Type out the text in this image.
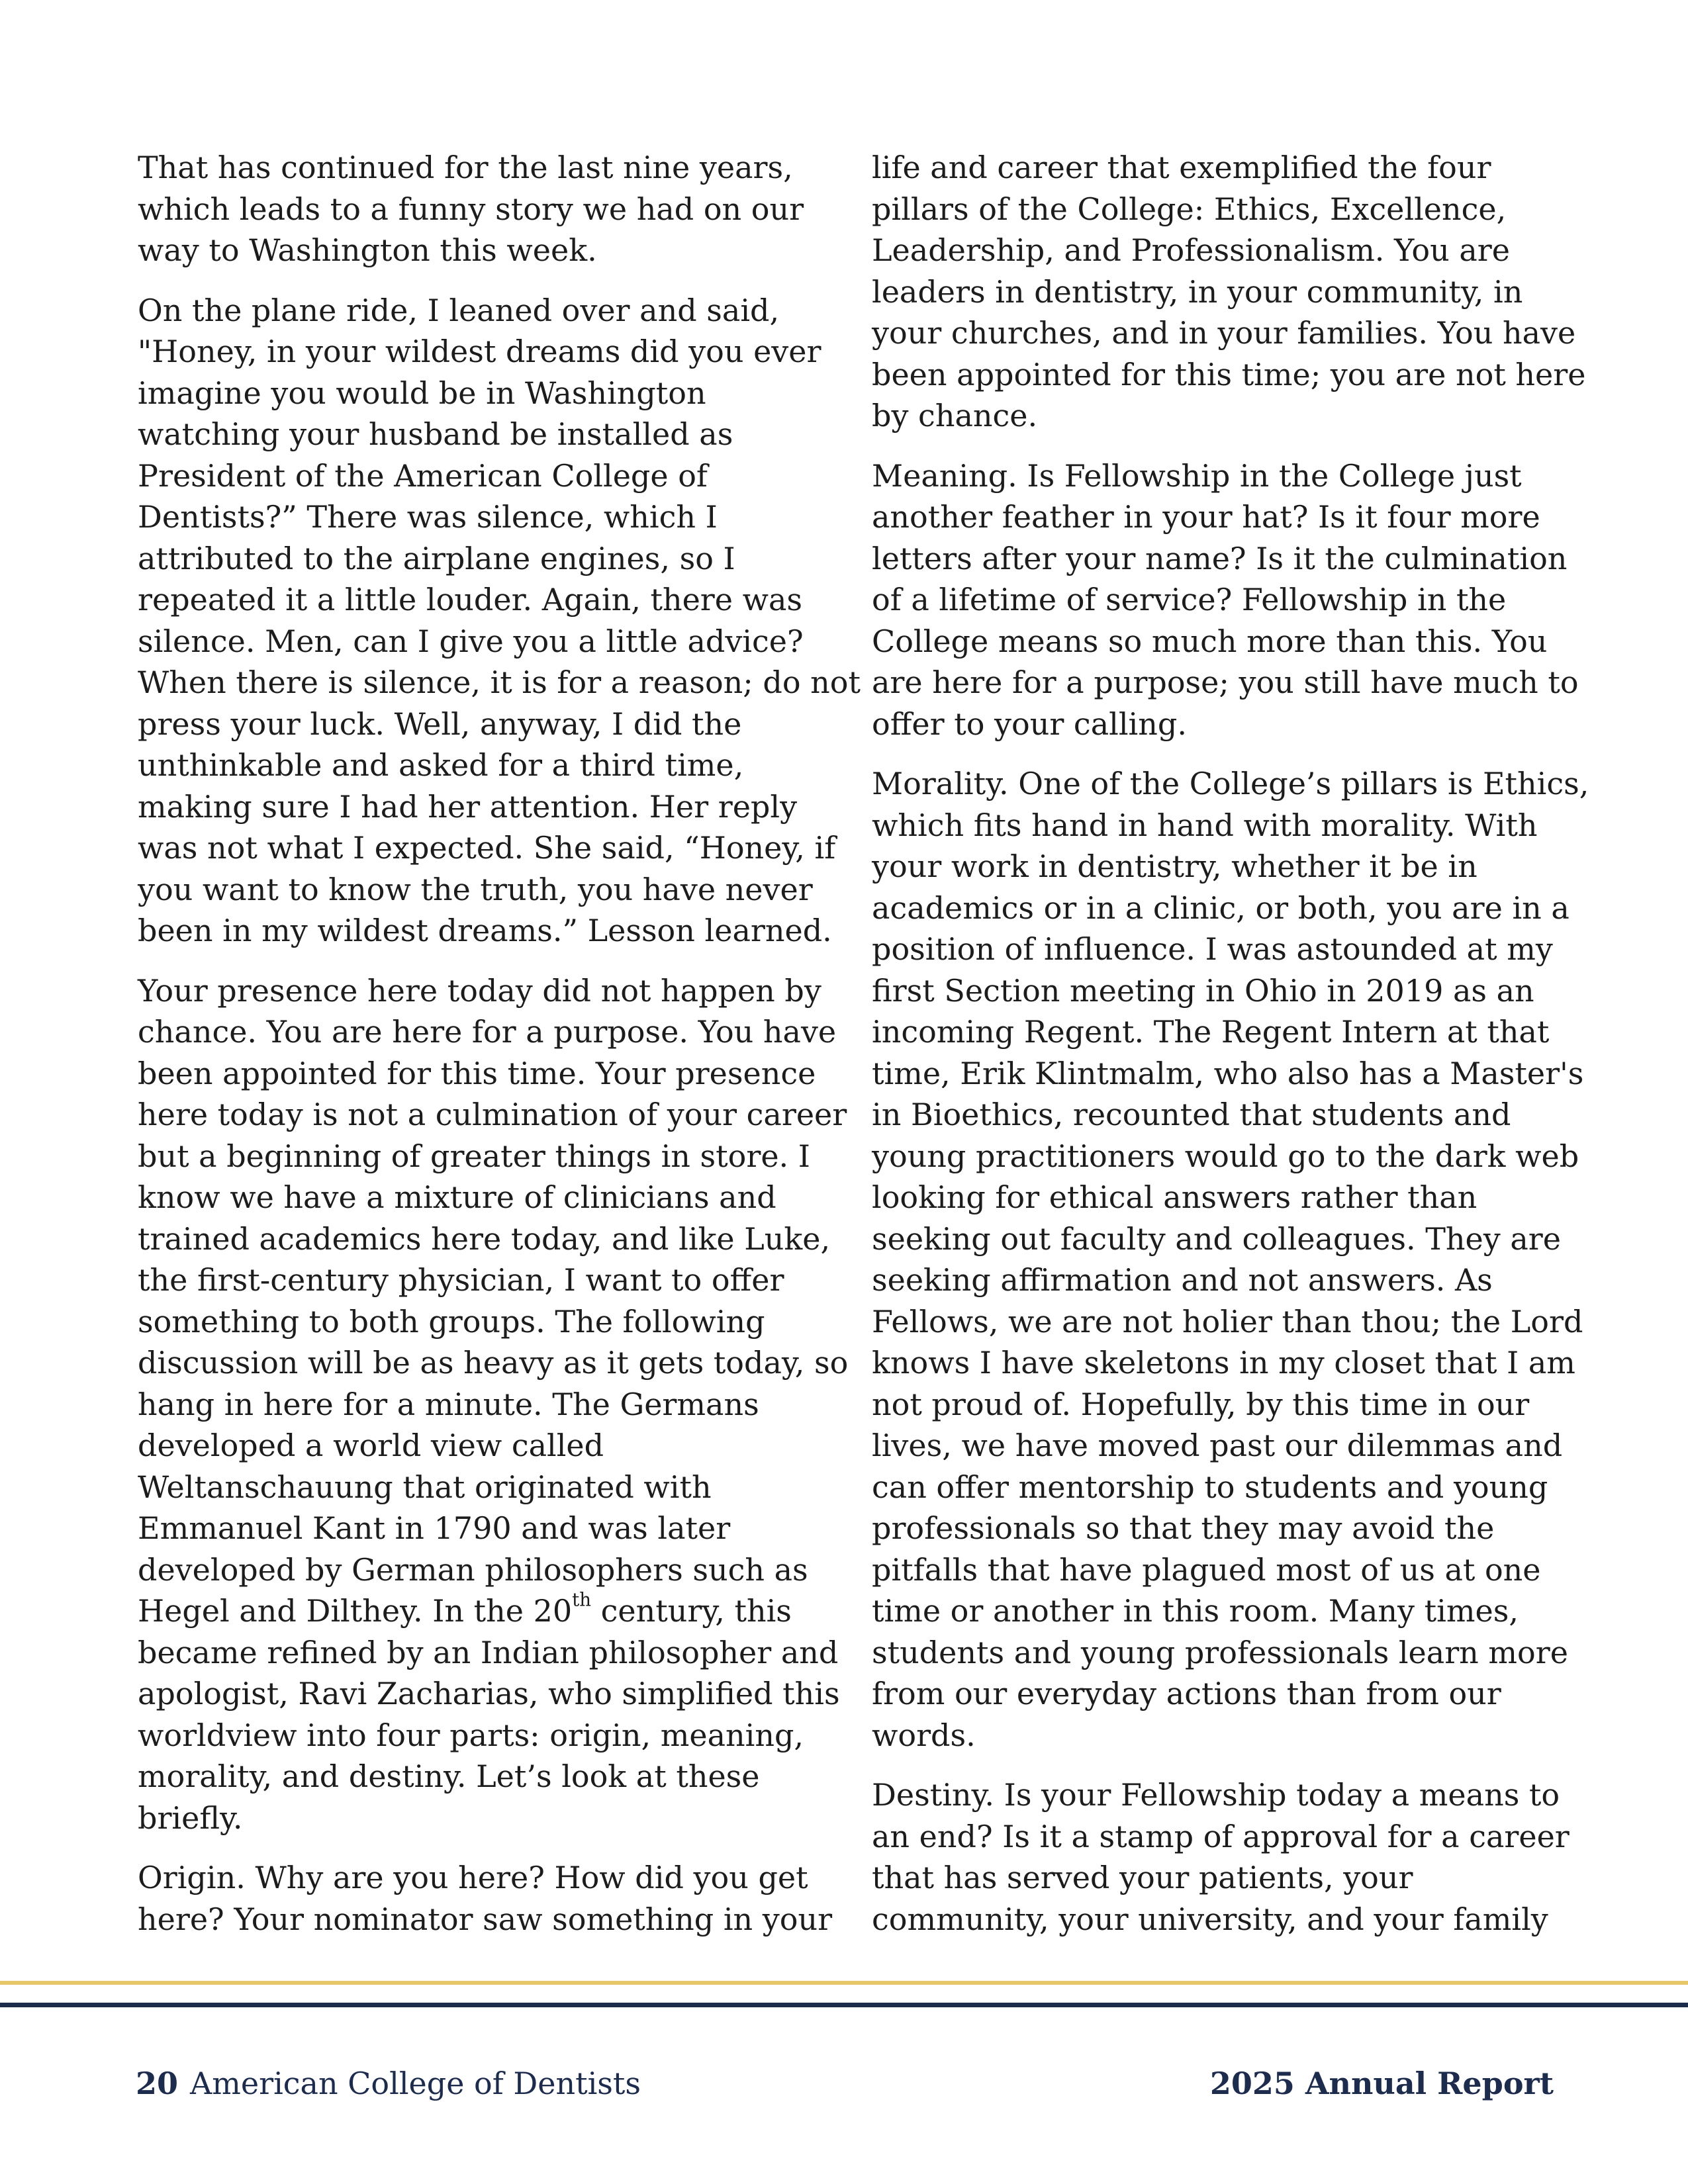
That has continued for the last nine years,
which leads to a funny story we had on our
way to Washington this week.

On the plane ride, I leaned over and said,
"Honey, in your wildest dreams did you ever
imagine you would be in Washington
watching your husband be installed as
President of the American College of
Dentists?” There was silence, which I
attributed to the airplane engines, so I
repeated it a little louder. Again, there was
silence. Men, can I give you a little advice?
When there is silence, it is for a reason; do not
press your luck. Well, anyway, I did the
unthinkable and asked for a third time,
making sure I had her attention. Her reply
was not what I expected. She said, “Honey, if
you want to know the truth, you have never
been in my wildest dreams.” Lesson learned.

Your presence here today did not happen by
chance. You are here for a purpose. You have
been appointed for this time. Your presence
here today is not a culmination of your career
but a beginning of greater things in store. I
know we have a mixture of clinicians and
trained academics here today, and like Luke,
the first-century physician, I want to offer
something to both groups. The following
discussion will be as heavy as it gets today, so
hang in here for a minute. The Germans
developed a world view called
Weltanschauung that originated with
Emmanuel Kant in 1790 and was later
developed by German philosophers such as
Hegel and Dilthey. In the 20th century, this
became refined by an Indian philosopher and
apologist, Ravi Zacharias, who simplified this
worldview into four parts: origin, meaning,
morality, and destiny. Let’s look at these
briefly.

Origin. Why are you here? How did you get
here? Your nominator saw something in your

life and career that exemplified the four
pillars of the College: Ethics, Excellence,
Leadership, and Professionalism. You are
leaders in dentistry, in your community, in
your churches, and in your families. You have
been appointed for this time; you are not here
by chance.

Meaning. Is Fellowship in the College just
another feather in your hat? Is it four more
letters after your name? Is it the culmination
of a lifetime of service? Fellowship in the
College means so much more than this. You
are here for a purpose; you still have much to
offer to your calling.

Morality. One of the College’s pillars is Ethics,
which fits hand in hand with morality. With
your work in dentistry, whether it be in
academics or in a clinic, or both, you are in a
position of influence. I was astounded at my
first Section meeting in Ohio in 2019 as an
incoming Regent. The Regent Intern at that
time, Erik Klintmalm, who also has a Master's
in Bioethics, recounted that students and
young practitioners would go to the dark web
looking for ethical answers rather than
seeking out faculty and colleagues. They are
seeking affirmation and not answers. As
Fellows, we are not holier than thou; the Lord
knows I have skeletons in my closet that I am
not proud of. Hopefully, by this time in our
lives, we have moved past our dilemmas and
can offer mentorship to students and young
professionals so that they may avoid the
pitfalls that have plagued most of us at one
time or another in this room. Many times,
students and young professionals learn more
from our everyday actions than from our
words.

Destiny. Is your Fellowship today a means to
an end? Is it a stamp of approval for a career
that has served your patients, your
community, your university, and your family

20 American College of Dentists	2025 Annual Report
